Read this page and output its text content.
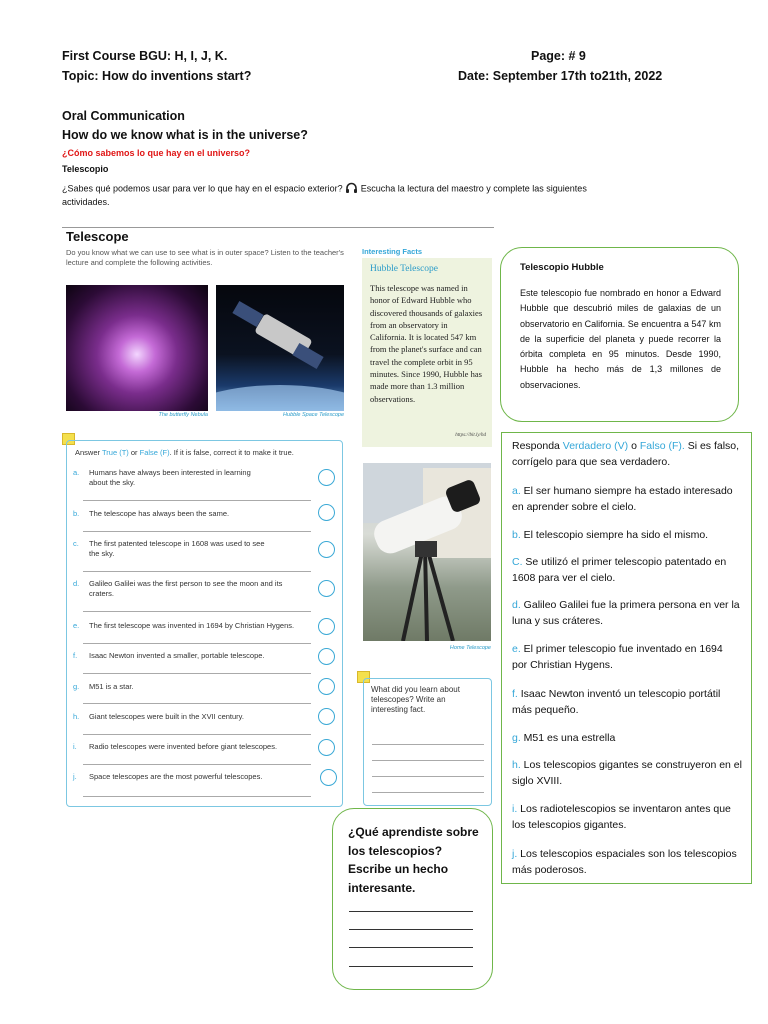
First Course BGU: H, I, J, K.	Page: # 9
Topic: How do inventions start?	Date: September 17th to21th, 2022
Oral Communication
How do we know what is in the universe?
¿Cómo sabemos lo que hay en el universo?
Telescopio
¿Sabes qué podemos usar para ver lo que hay en el espacio exterior? Escucha la lectura del maestro y complete las siguientes
actividades.
Telescope
Do you know what we can use to see what is in outer space? Listen to the teacher's lecture and complete the following activities.
The butterfly Nebula	Hubble Space Telescope
Interesting Facts
Hubble Telescope
This telescope was named in honor of Edward Hubble who discovered thousands of galaxies from an observatory in California. It is located 547 km from the planet's surface and can travel the complete orbit in 95 minutes. Since 1990, Hubble has made more than 1.3 million observations.
https://bit.ly/hd
Home Telescope
Answer True (T) or False (F). If it is false, correct it to make it true.
a.	Humans have always been interested in learning about the sky.
b.	The telescope has always been the same.
c.	The first patented telescope in 1608 was used to see the sky.
d.	Galileo Galilei was the first person to see the moon and its craters.
e.	The first telescope was invented in 1694 by Christian Hygens.
f.	Isaac Newton invented a smaller, portable telescope.
g.	M51 is a star.
h.	Giant telescopes were built in the XVII century.
i.	Radio telescopes were invented before giant telescopes.
j.	Space telescopes are the most powerful telescopes.
What did you learn about telescopes? Write an interesting fact.
Telescopio Hubble
Este telescopio fue nombrado en honor a Edward Hubble que descubrió miles de galaxias de un observatorio en California. Se encuentra a 547 km de la superficie del planeta y puede recorrer la órbita completa en 95 minutos. Desde 1990, Hubble ha hecho más de 1,3 millones de observaciones.
Responda Verdadero (V) o Falso (F). Si es falso, corrígelo para que sea verdadero.
a. El ser humano siempre ha estado interesado en aprender sobre el cielo.
b. El telescopio siempre ha sido el mismo.
C. Se utilizó el primer telescopio patentado en 1608 para ver el cielo.
d. Galileo Galilei fue la primera persona en ver la luna y sus cráteres.
e. El primer telescopio fue inventado en 1694 por Christian Hygens.
f. Isaac Newton inventó un telescopio portátil más pequeño.
g. M51 es una estrella
h. Los telescopios gigantes se construyeron en el siglo XVIII.
i. Los radiotelescopios se inventaron antes que los telescopios gigantes.
j. Los telescopios espaciales son los telescopios más poderosos.
¿Qué aprendiste sobre los telescopios? Escribe un hecho interesante.
